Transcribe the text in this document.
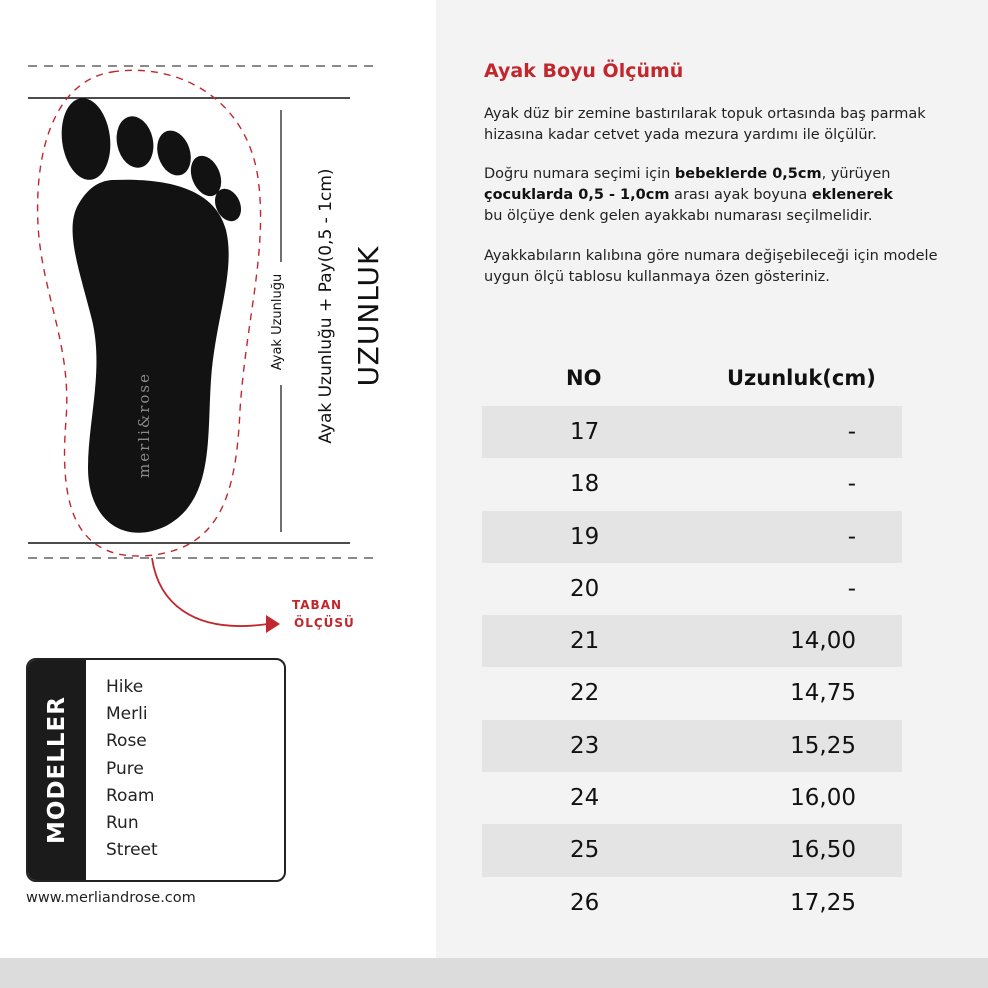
Ayak Uzunluğu Ayak Uzunluğu + Pay(0,5 - 1cm) UZUNLUK
merli&rose
TABAN
ÖLÇÜSÜ
MODELLER
Hike
Merli
Rose
Pure
Roam
Run
Street
www.merliandrose.com
Ayak Boyu Ölçümü

Ayak düz bir zemine bastırılarak topuk ortasında baş parmak hizasına kadar cetvet yada mezura yardımı ile ölçülür.

Doğru numara seçimi için bebeklerde 0,5cm, yürüyen
çocuklarda 0,5 - 1,0cm arası ayak boyuna eklenerek
bu ölçüye denk gelen ayakkabı numarası seçilmelidir.

Ayakkabıların kalıbına göre numara değişebileceği için modele uygun ölçü tablosu kullanmaya özen gösteriniz.

NO	Uzunluk(cm)
17	-
18	-
19	-
20	-
21	14,00
22	14,75
23	15,25
24	16,00
25	16,50
26	17,25
